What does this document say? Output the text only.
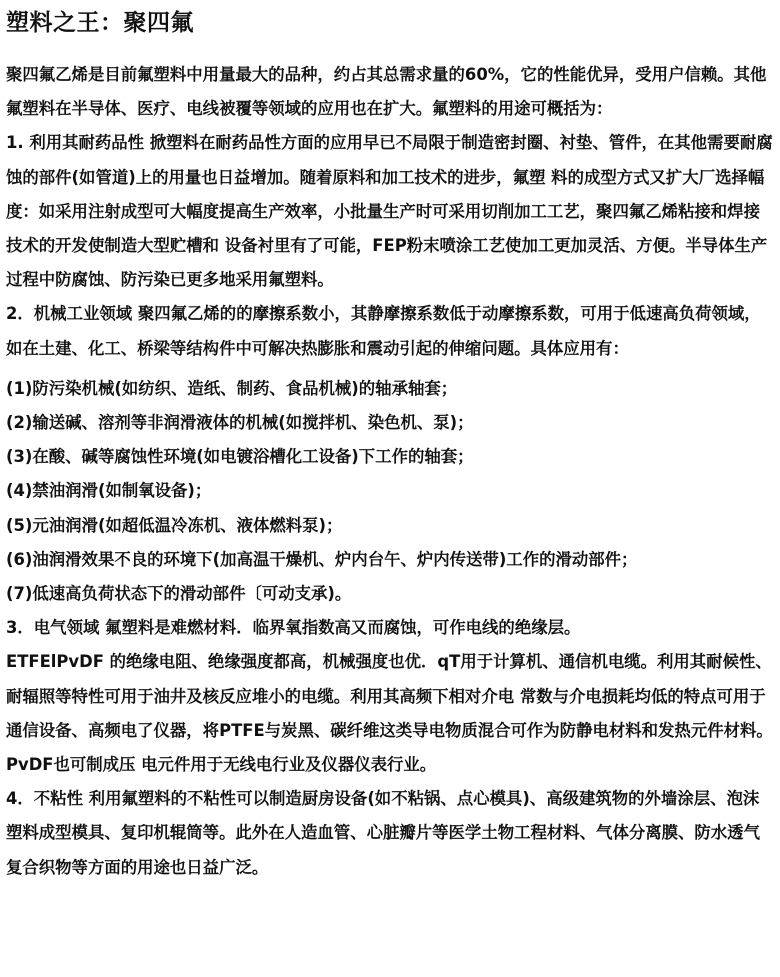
塑料之王：聚四氟

聚四氟乙烯是目前氟塑料中用量最大的品种，约占其总需求量的60%，它的性能优异，受用户信赖。其他氟塑料在半导体、医疗、电线被覆等领域的应用也在扩大。氟塑料的用途可概括为：

1. 利用其耐药品性 掀塑料在耐药品性方面的应用早已不局限于制造密封圈、衬垫、管件，在其他需要耐腐蚀的部件(如管道)上的用量也日益增加。随着原料和加工技术的进步，氟塑 料的成型方式又扩大厂选择幅度：如采用注射成型可大幅度提高生产效率，小批量生产时可采用切削加工工艺，聚四氟乙烯粘接和焊接技术的开发使制造大型贮槽和 设备衬里有了可能，FEP粉末喷涂工艺使加工更加灵活、方便。半导体生产过程中防腐蚀、防污染已更多地采用氟塑料。

2．机械工业领域 聚四氟乙烯的的摩擦系数小，其静摩擦系数低于动摩擦系数，可用于低速高负荷领域，如在土建、化工、桥梁等结构件中可解决热膨胀和震动引起的伸缩问题。具体应用有：

(1)防污染机械(如纺织、造纸、制药、食品机械)的轴承轴套；

(2)输送碱、溶剂等非润滑液体的机械(如搅拌机、染色机、泵)；

(3)在酸、碱等腐蚀性环境(如电镀浴槽化工设备)下工作的轴套；

(4)禁油润滑(如制氧设备)；

(5)元油润滑(如超低温冷冻机、液体燃料泵)；

(6)油润滑效果不良的环境下(加高温干燥机、炉内台午、炉内传送带)工作的滑动部件；

(7)低速高负荷状态下的滑动部件〔可动支承)。

3．电气领域 氟塑料是难燃材料．临界氧指数高又而腐蚀，可作电线的绝缘层。

ETFElPvDF 的绝缘电阻、绝缘强度都高，机械强度也优．qT用于计算机、通信机电缆。利用其耐候性、耐辐照等特性可用于油井及核反应堆小的电缆。利用其高频下相对介电 常数与介电损耗均低的特点可用于通信设备、高频电了仪器，将PTFE与炭黑、碳纤维这类导电物质混合可作为防静电材料和发热元件材料。PvDF也可制成压 电元件用于无线电行业及仪器仪表行业。

4．不粘性 利用氟塑料的不粘性可以制造厨房设备(如不粘锅、点心模具)、高级建筑物的外墙涂层、泡沫塑料成型模具、复印机辊筒等。此外在人造血管、心脏瓣片等医学土物工程材料、气体分离膜、防水透气复合织物等方面的用途也日益广泛。
